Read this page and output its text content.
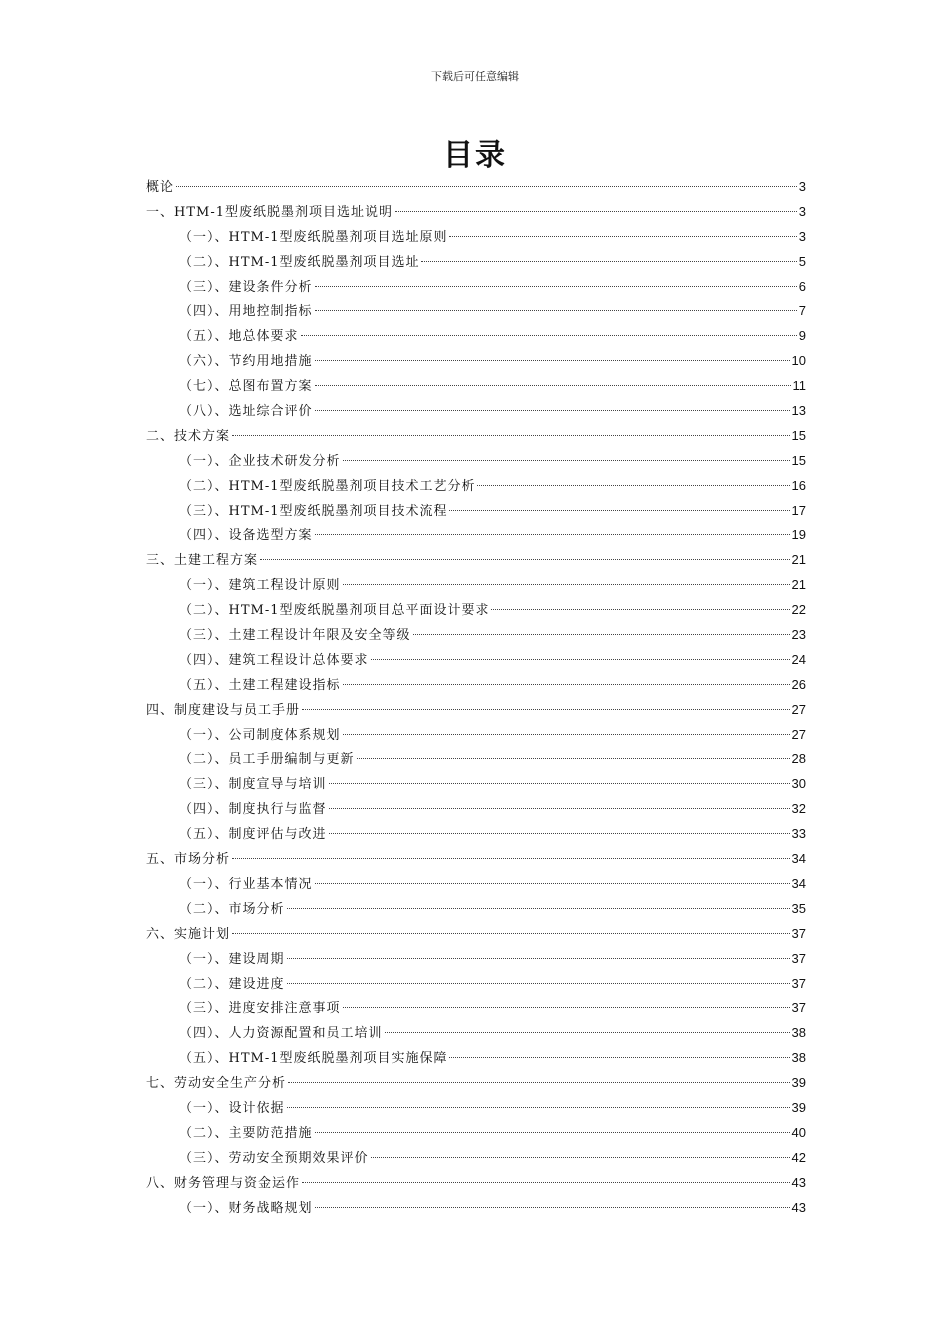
下载后可任意编辑
目录
概论	3
一、HTM-1型废纸脱墨剂项目选址说明	3
（一）、HTM-1型废纸脱墨剂项目选址原则	3
（二）、HTM-1型废纸脱墨剂项目选址	5
（三）、建设条件分析	6
（四）、用地控制指标	7
（五）、地总体要求	9
（六）、节约用地措施	10
（七）、总图布置方案	11
（八）、选址综合评价	13
二、技术方案	15
（一）、企业技术研发分析	15
（二）、HTM-1型废纸脱墨剂项目技术工艺分析	16
（三）、HTM-1型废纸脱墨剂项目技术流程	17
（四）、设备选型方案	19
三、土建工程方案	21
（一）、建筑工程设计原则	21
（二）、HTM-1型废纸脱墨剂项目总平面设计要求	22
（三）、土建工程设计年限及安全等级	23
（四）、建筑工程设计总体要求	24
（五）、土建工程建设指标	26
四、制度建设与员工手册	27
（一）、公司制度体系规划	27
（二）、员工手册编制与更新	28
（三）、制度宣导与培训	30
（四）、制度执行与监督	32
（五）、制度评估与改进	33
五、市场分析	34
（一）、行业基本情况	34
（二）、市场分析	35
六、实施计划	37
（一）、建设周期	37
（二）、建设进度	37
（三）、进度安排注意事项	37
（四）、人力资源配置和员工培训	38
（五）、HTM-1型废纸脱墨剂项目实施保障	38
七、劳动安全生产分析	39
（一）、设计依据	39
（二）、主要防范措施	40
（三）、劳动安全预期效果评价	42
八、财务管理与资金运作	43
（一）、财务战略规划	43
